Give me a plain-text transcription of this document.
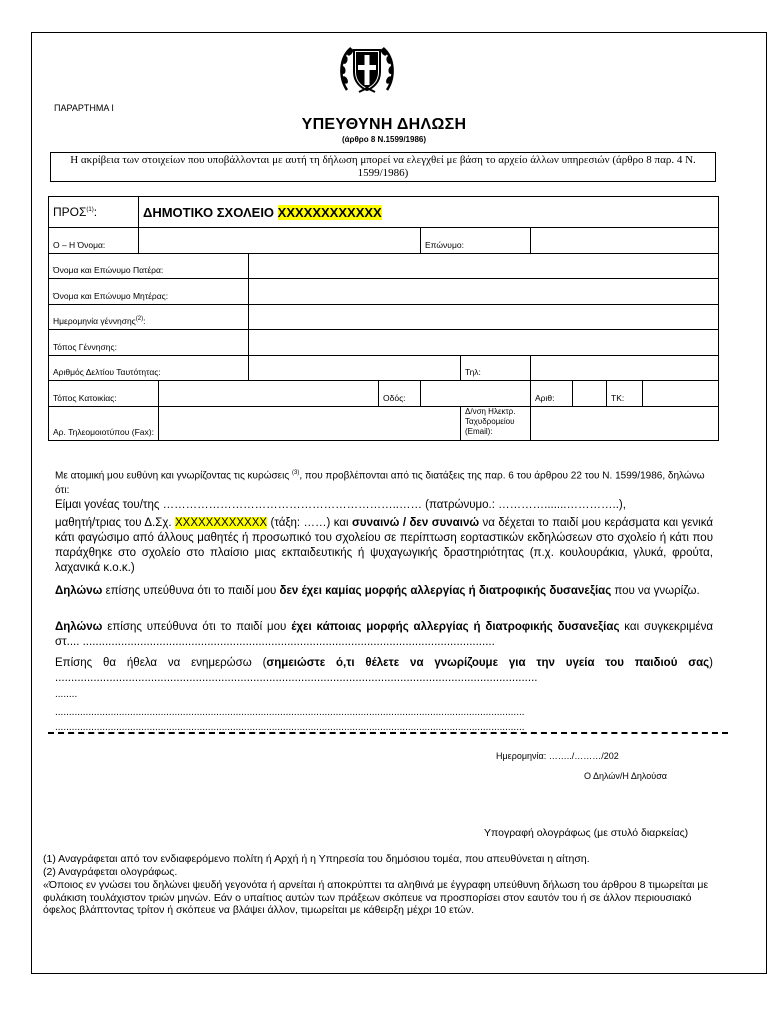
ΠΑΡΑΡΤΗΜΑ Ι
ΥΠΕΥΘΥΝΗ ΔΗΛΩΣΗ
(άρθρο 8 Ν.1599/1986)
Η ακρίβεια των στοιχείων που υποβάλλονται με αυτή τη δήλωση μπορεί να ελεγχθεί με βάση το αρχείο άλλων υπηρεσιών (άρθρο 8 παρ. 4 Ν. 1599/1986)
ΠΡΟΣ$^{(1)}$:	ΔΗΜΟΤΙΚΟ ΣΧΟΛΕΙΟ XXXXXXXXXXXX									
Ο – Η Όνομα:					Επώνυμο:					
Όνομα και Επώνυμο Πατέρα:										
Όνομα και Επώνυμο Μητέρας:										
Ημερομηνία γέννησης$^{(2)}$:										
Τόπος Γέννησης:										
Αριθμός Δελτίου Ταυτότητας:						Τηλ:				
Τόπος Κατοικίας:				Οδός:			Αριθ:		ΤΚ:	
Αρ. Τηλεομοιοτύπου (Fax):						Δ/νση Ηλεκτρ. Ταχυδρομείου (Email):				
Με ατομική μου ευθύνη και γνωρίζοντας τις κυρώσεις $^{(3)}$, που προβλέπονται από τις διατάξεις της παρ. 6 του άρθρου 22 του Ν. 1599/1986, δηλώνω ότι:
Είμαι γονέας του/της ……………………………………………………..…… (πατρώνυμο.: ………….......…………..),
μαθητή/τριας του Δ.Σχ. XXXXXXXXXXXX (τάξη: ……) και συναινώ / δεν συναινώ να δέχεται το παιδί μου κεράσματα και γενικά κάτι φαγώσιμο από άλλους μαθητές ή προσωπικό του σχολείου σε περίπτωση εορταστικών εκδηλώσεων στο σχολείο ή κάτι που παράχθηκε στο σχολείο στο πλαίσιο μιας εκπαιδευτικής ή ψυχαγωγικής δραστηριότητας (π.χ. κουλουράκια, γλυκά, φρούτα, λαχανικά κ.ο.κ.)
Δηλώνω επίσης υπεύθυνα ότι το παιδί μου δεν έχει καμίας μορφής αλλεργίας ή διατροφικής δυσανεξίας που να γνωρίζω.
Δηλώνω επίσης υπεύθυνα ότι το παιδί μου έχει κάποιας μορφής αλλεργίας ή διατροφικής δυσανεξίας και συγκεκριμένα στ.... .................................................................................................................................
Επίσης θα ήθελα να ενημερώσω (σημειώστε ό,τι θέλετε να γνωρίζουμε για την υγεία του παιδιού σας) .......................................................................................................................................................
........
.........................................................................................................................................................................
.........................................................................................................................................................................
Ημερομηνία: ……../………/202
Ο Δηλών/Η Δηλούσα
Υπογραφή ολογράφως (με στυλό διαρκείας)
(1) Αναγράφεται από τον ενδιαφερόμενο πολίτη ή Αρχή ή η Υπηρεσία του δημόσιου τομέα, που απευθύνεται η αίτηση.
(2) Αναγράφεται ολογράφως.
«Όποιος εν γνώσει του δηλώνει ψευδή γεγονότα ή αρνείται ή αποκρύπτει τα αληθινά με έγγραφη υπεύθυνη δήλωση του άρθρου 8 τιμωρείται με φυλάκιση τουλάχιστον τριών μηνών. Εάν ο υπαίτιος αυτών των πράξεων σκόπευε να προσπορίσει στον εαυτόν του ή σε άλλον περιουσιακό όφελος βλάπτοντας τρίτον ή σκόπευε να βλάψει άλλον, τιμωρείται με κάθειρξη μέχρι 10 ετών.
